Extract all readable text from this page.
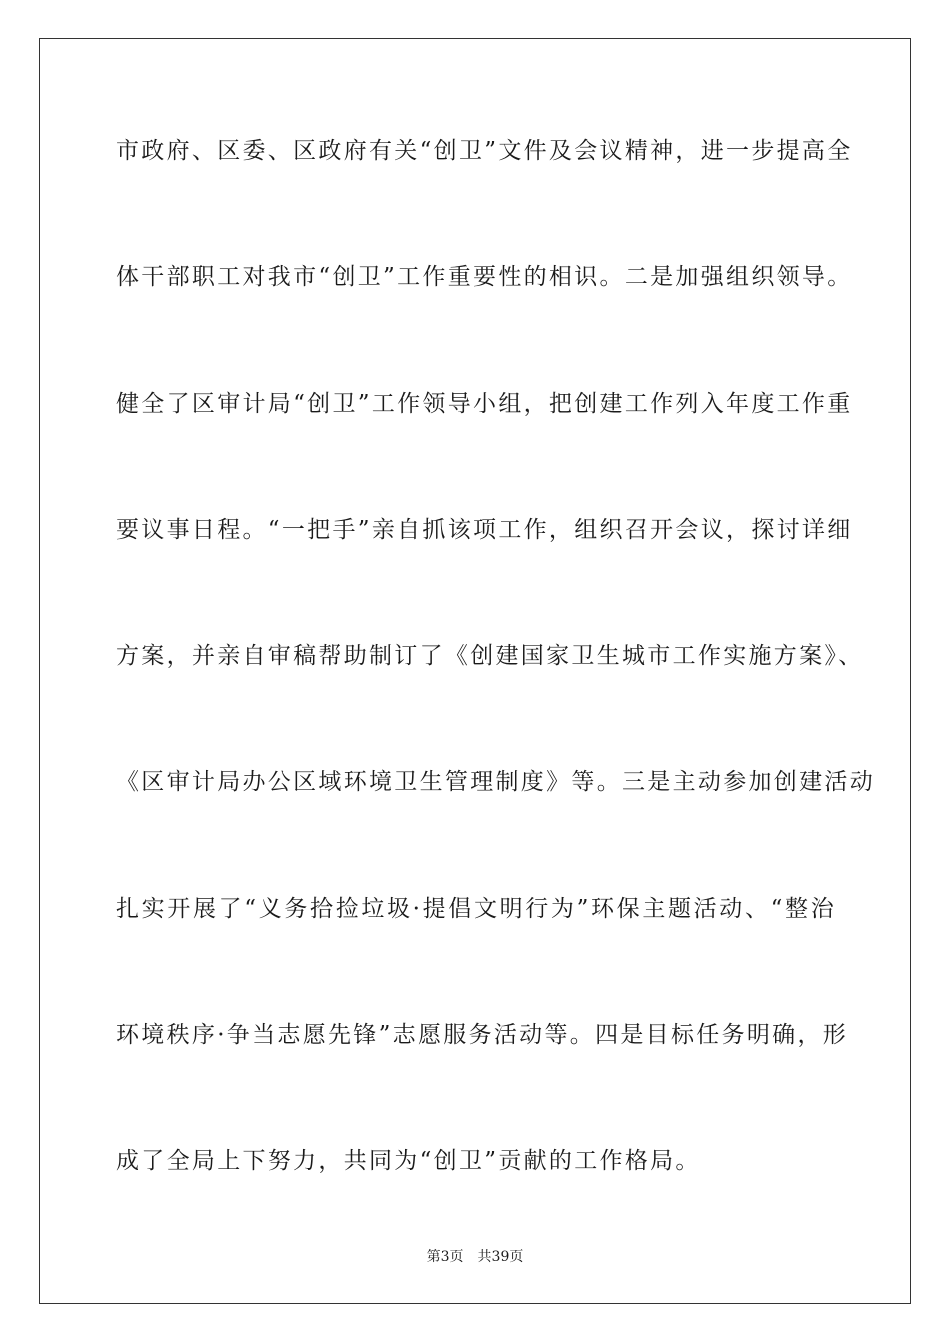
市政府、区委、区政府有关“创卫”文件及会议精神，进一步提高全
体干部职工对我市“创卫”工作重要性的相识。二是加强组织领导。
健全了区审计局“创卫”工作领导小组，把创建工作列入年度工作重
要议事日程。“一把手”亲自抓该项工作，组织召开会议，探讨详细
方案，并亲自审稿帮助制订了《创建国家卫生城市工作实施方案》、
《区审计局办公区域环境卫生管理制度》等。三是主动参加创建活动
扎实开展了“义务拾捡垃圾·提倡文明行为”环保主题活动、“整治
环境秩序·争当志愿先锋”志愿服务活动等。四是目标任务明确，形
成了全局上下努力，共同为“创卫”贡献的工作格局。
第3页 共39页
